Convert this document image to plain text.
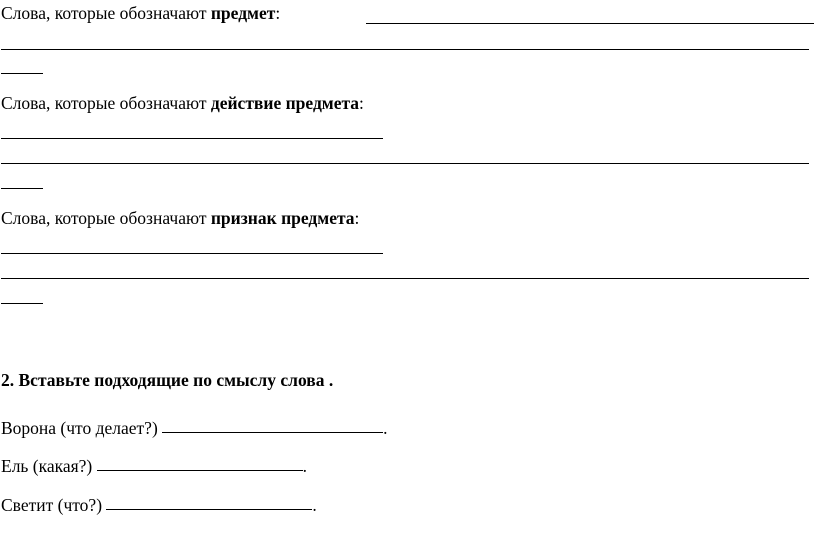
Слова, которые обозначают предмет:
Слова, которые обозначают действие предмета:
Слова, которые обозначают признак предмета:
2. Вставьте подходящие по смыслу слова .
Ворона (что делает?)	.
Ель (какая?)	.
Светит (что?)	.
